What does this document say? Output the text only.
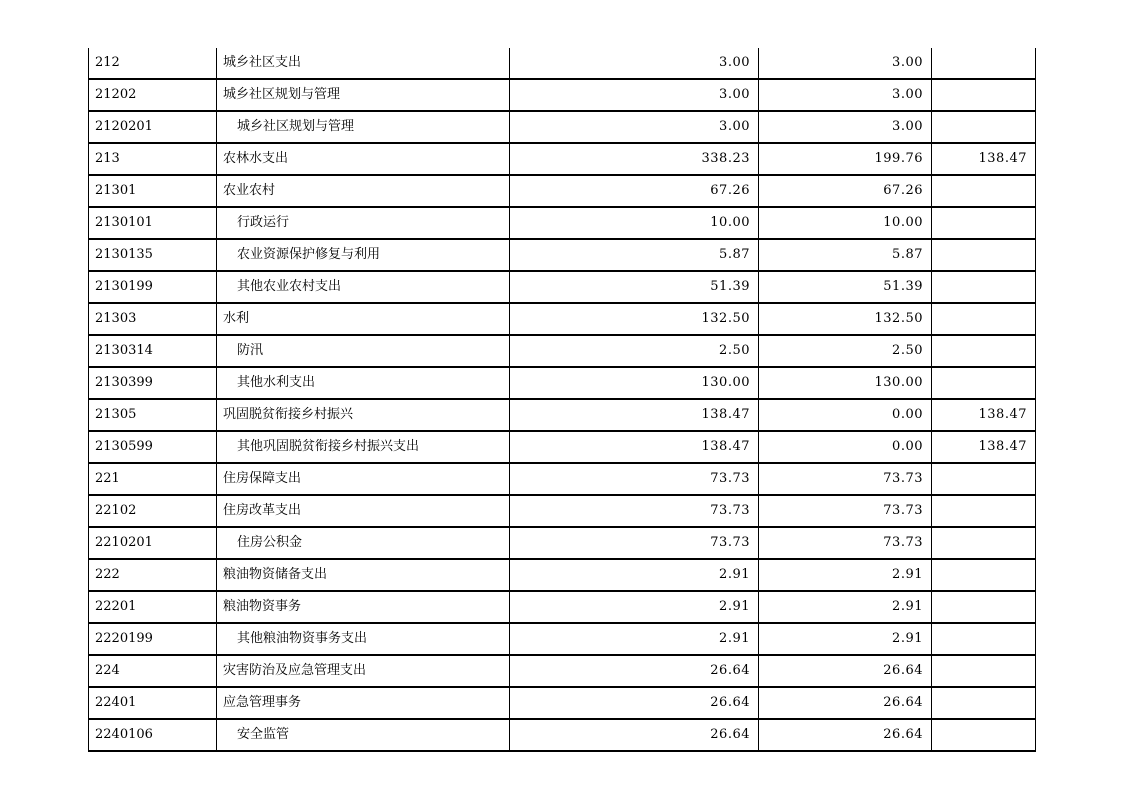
212	城乡社区支出	3.00	3.00	
21202	城乡社区规划与管理	3.00	3.00	
2120201	城乡社区规划与管理	3.00	3.00	
213	农林水支出	338.23	199.76	138.47
21301	农业农村	67.26	67.26	
2130101	行政运行	10.00	10.00	
2130135	农业资源保护修复与利用	5.87	5.87	
2130199	其他农业农村支出	51.39	51.39	
21303	水利	132.50	132.50	
2130314	防汛	2.50	2.50	
2130399	其他水利支出	130.00	130.00	
21305	巩固脱贫衔接乡村振兴	138.47	0.00	138.47
2130599	其他巩固脱贫衔接乡村振兴支出	138.47	0.00	138.47
221	住房保障支出	73.73	73.73	
22102	住房改革支出	73.73	73.73	
2210201	住房公积金	73.73	73.73	
222	粮油物资储备支出	2.91	2.91	
22201	粮油物资事务	2.91	2.91	
2220199	其他粮油物资事务支出	2.91	2.91	
224	灾害防治及应急管理支出	26.64	26.64	
22401	应急管理事务	26.64	26.64	
2240106	安全监管	26.64	26.64	
